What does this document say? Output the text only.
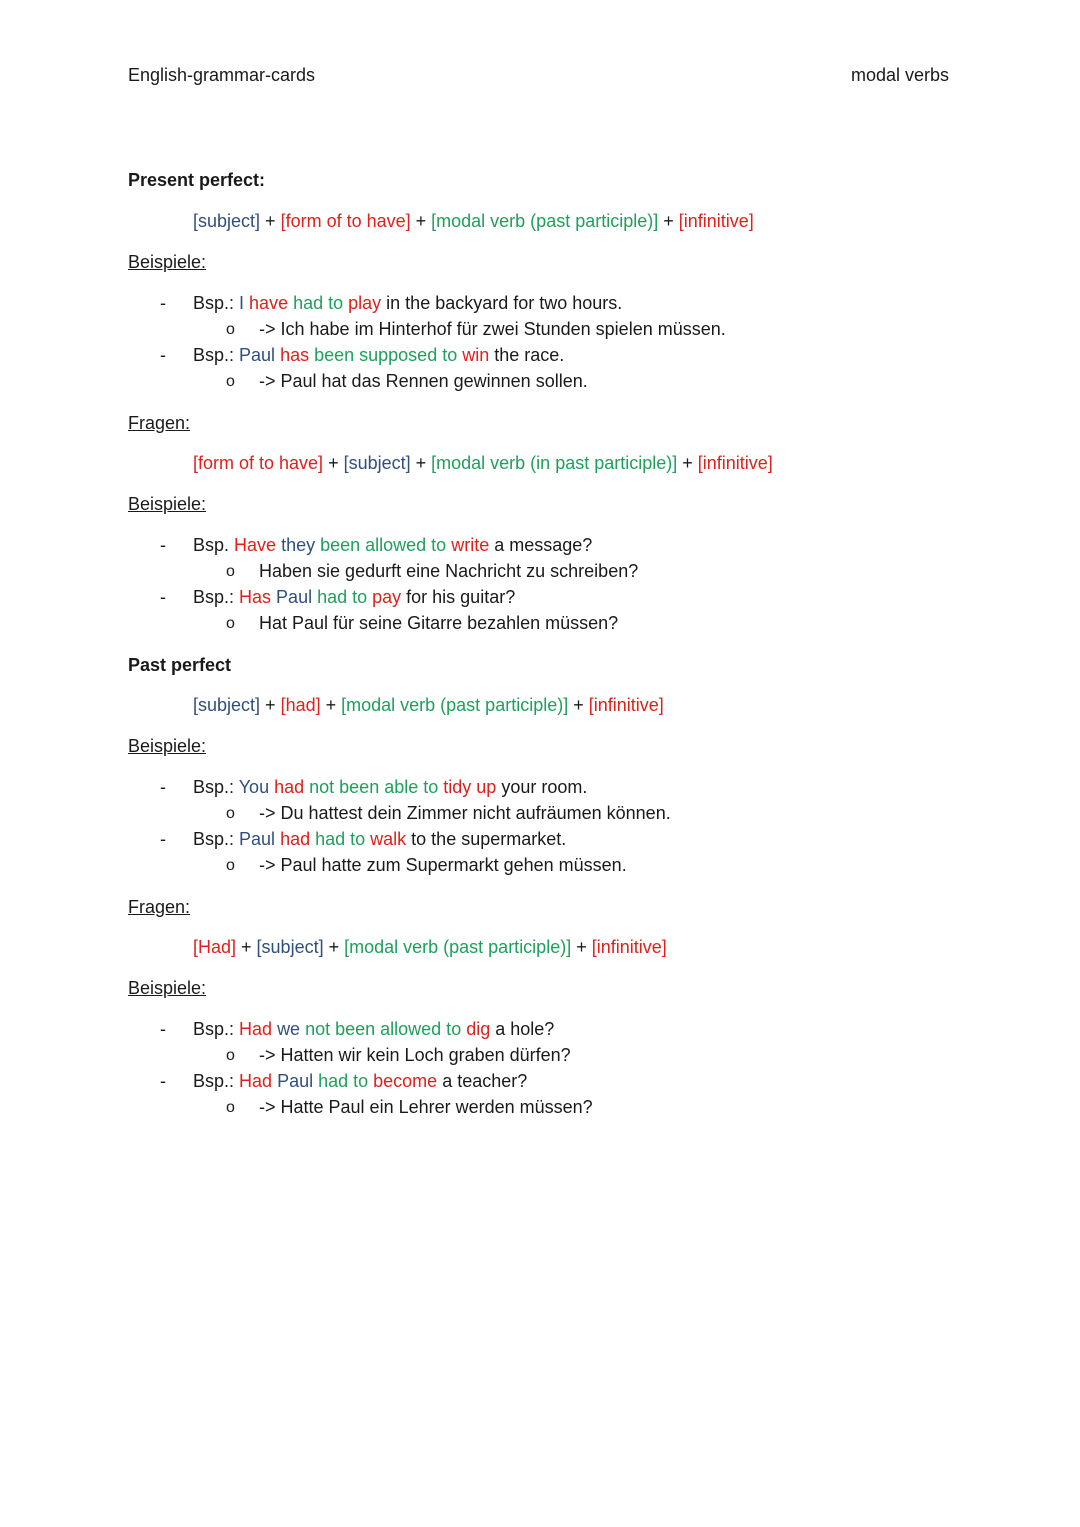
English-grammar-cards	modal verbs
Present perfect:
[subject] + [form of to have] + [modal verb (past participle)] + [infinitive]
Beispiele:
- Bsp.: I have had to play in the backyard for two hours.
o -> Ich habe im Hinterhof für zwei Stunden spielen müssen.
- Bsp.: Paul has been supposed to win the race.
o -> Paul hat das Rennen gewinnen sollen.
Fragen:
[form of to have] + [subject] + [modal verb (in past participle)] + [infinitive]
Beispiele:
- Bsp. Have they been allowed to write a message?
o Haben sie gedurft eine Nachricht zu schreiben?
- Bsp.: Has Paul had to pay for his guitar?
o Hat Paul für seine Gitarre bezahlen müssen?
Past perfect
[subject] + [had] + [modal verb (past participle)] + [infinitive]
Beispiele:
- Bsp.: You had not been able to tidy up your room.
o -> Du hattest dein Zimmer nicht aufräumen können.
- Bsp.: Paul had had to walk to the supermarket.
o -> Paul hatte zum Supermarkt gehen müssen.
Fragen:
[Had] + [subject] + [modal verb (past participle)] + [infinitive]
Beispiele:
- Bsp.: Had we not been allowed to dig a hole?
o -> Hatten wir kein Loch graben dürfen?
- Bsp.: Had Paul had to become a teacher?
o -> Hatte Paul ein Lehrer werden müssen?
